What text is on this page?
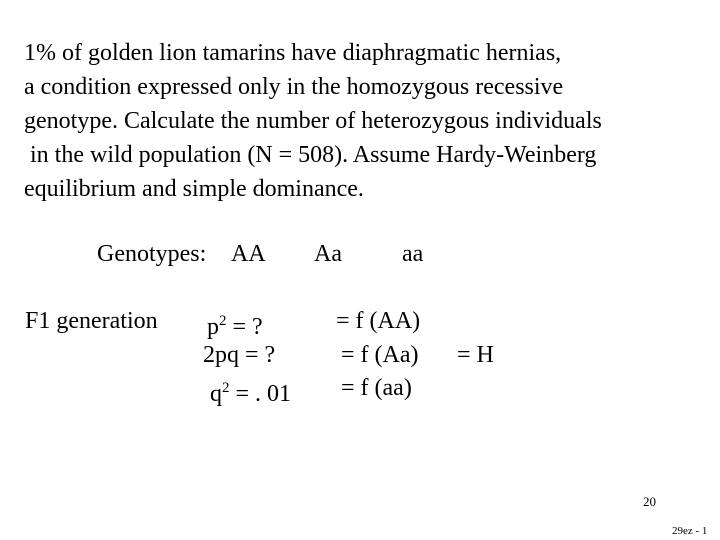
1% of golden lion tamarins have diaphragmatic hernias,
a condition expressed only in the homozygous recessive
genotype. Calculate the number of heterozygous individuals
in the wild population (N = 508). Assume Hardy-Weinberg
equilibrium and simple dominance.
Genotypes: AA Aa	aa
F1 generation $p^2$ = ?
2pq = ?
$q^2$ = . 01
= f (AA)
= f (Aa)
= f (aa)
= H
20
29ez - 1
